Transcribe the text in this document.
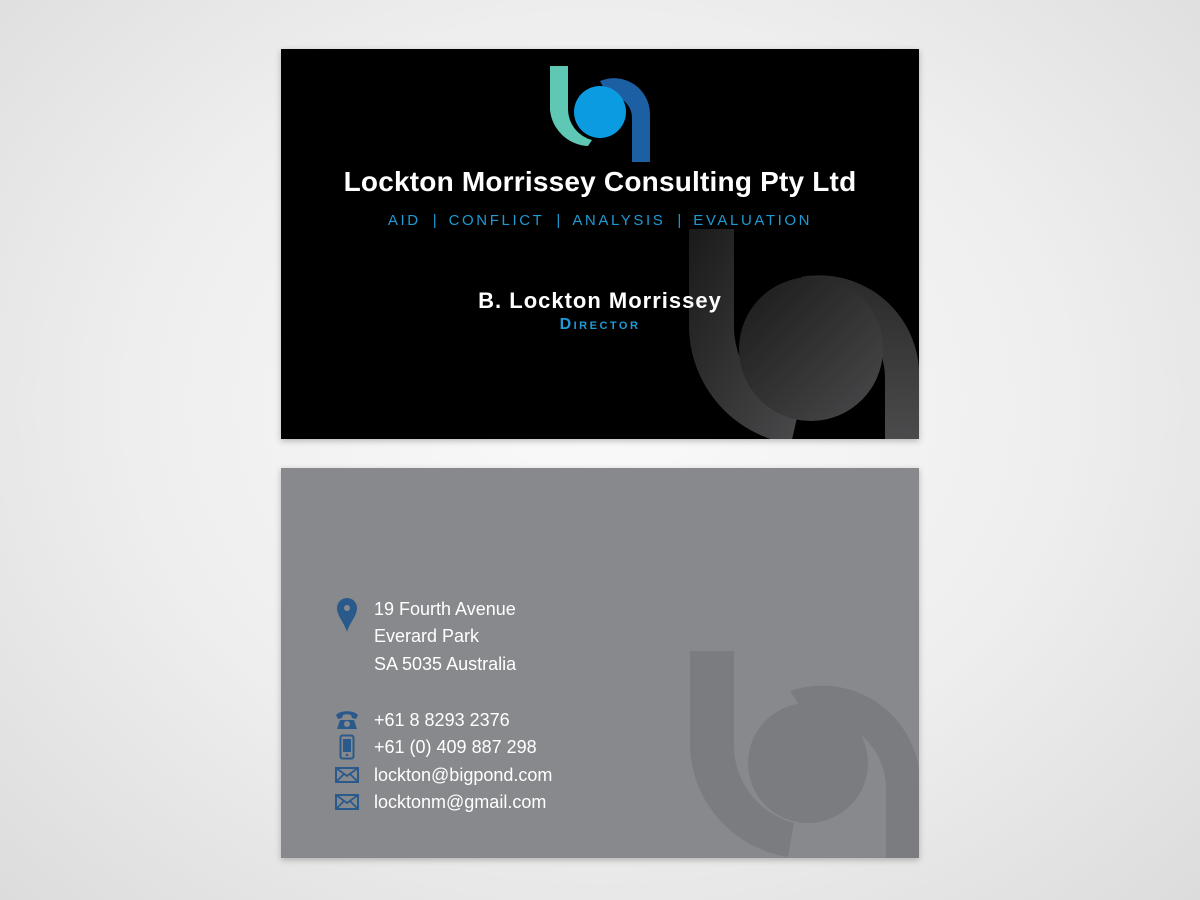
Lockton Morrissey Consulting Pty Ltd
AID | CONFLICT | ANALYSIS | EVALUATION
B. Lockton Morrissey
Director
19 Fourth Avenue
Everard Park
SA 5035 Australia
+61 8 8293 2376
+61 (0) 409 887 298
lockton@bigpond.com
locktonm@gmail.com
